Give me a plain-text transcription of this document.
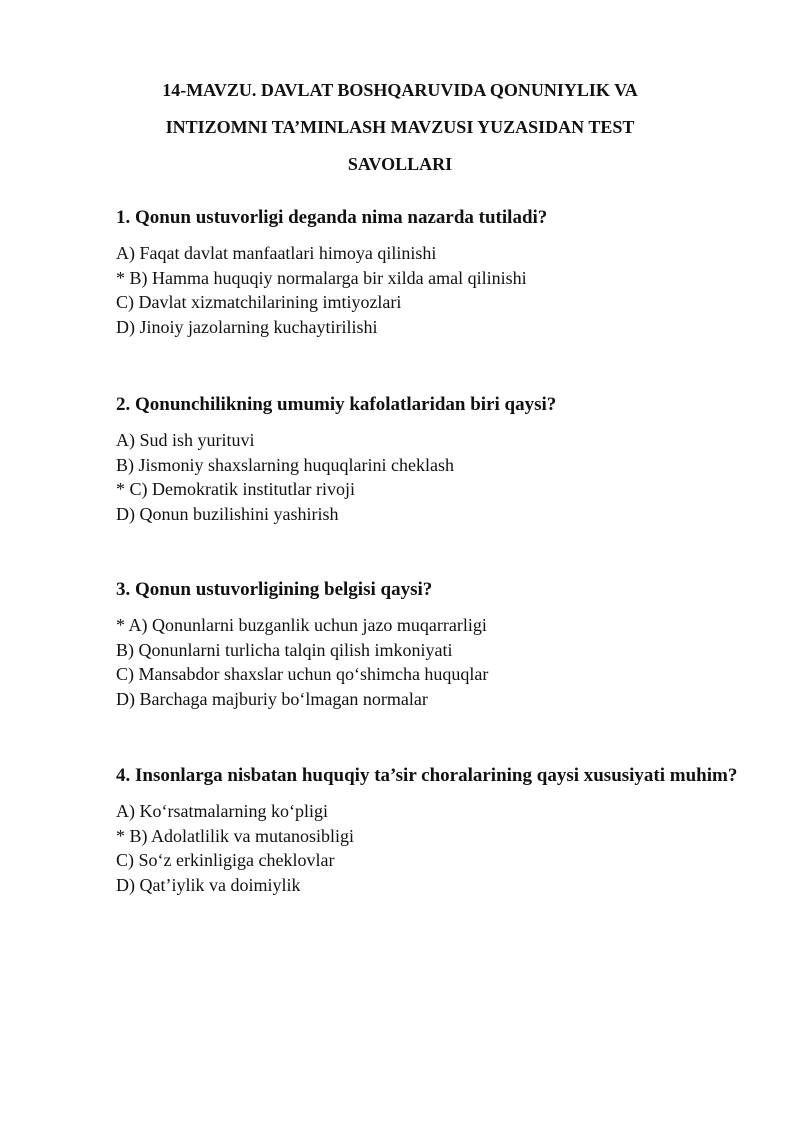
14-MAVZU. DAVLAT BOSHQARUVIDA QONUNIYLIK VA
INTIZOMNI TA’MINLASH MAVZUSI YUZASIDAN TEST
SAVOLLARI

1. Qonun ustuvorligi deganda nima nazarda tutiladi?

A) Faqat davlat manfaatlari himoya qilinishi
* B) Hamma huquqiy normalarga bir xilda amal qilinishi
C) Davlat xizmatchilarining imtiyozlari
D) Jinoiy jazolarning kuchaytirilishi

2. Qonunchilikning umumiy kafolatlaridan biri qaysi?

A) Sud ish yurituvi
B) Jismoniy shaxslarning huquqlarini cheklash
* C) Demokratik institutlar rivoji
D) Qonun buzilishini yashirish

3. Qonun ustuvorligining belgisi qaysi?

* A) Qonunlarni buzganlik uchun jazo muqarrarligi
B) Qonunlarni turlicha talqin qilish imkoniyati
C) Mansabdor shaxslar uchun qo‘shimcha huquqlar
D) Barchaga majburiy bo‘lmagan normalar

4. Insonlarga nisbatan huquqiy ta’sir choralarining qaysi xususiyati muhim?

A) Ko‘rsatmalarning ko‘pligi
* B) Adolatlilik va mutanosibligi
C) So‘z erkinligiga cheklovlar
D) Qat’iylik va doimiylik
